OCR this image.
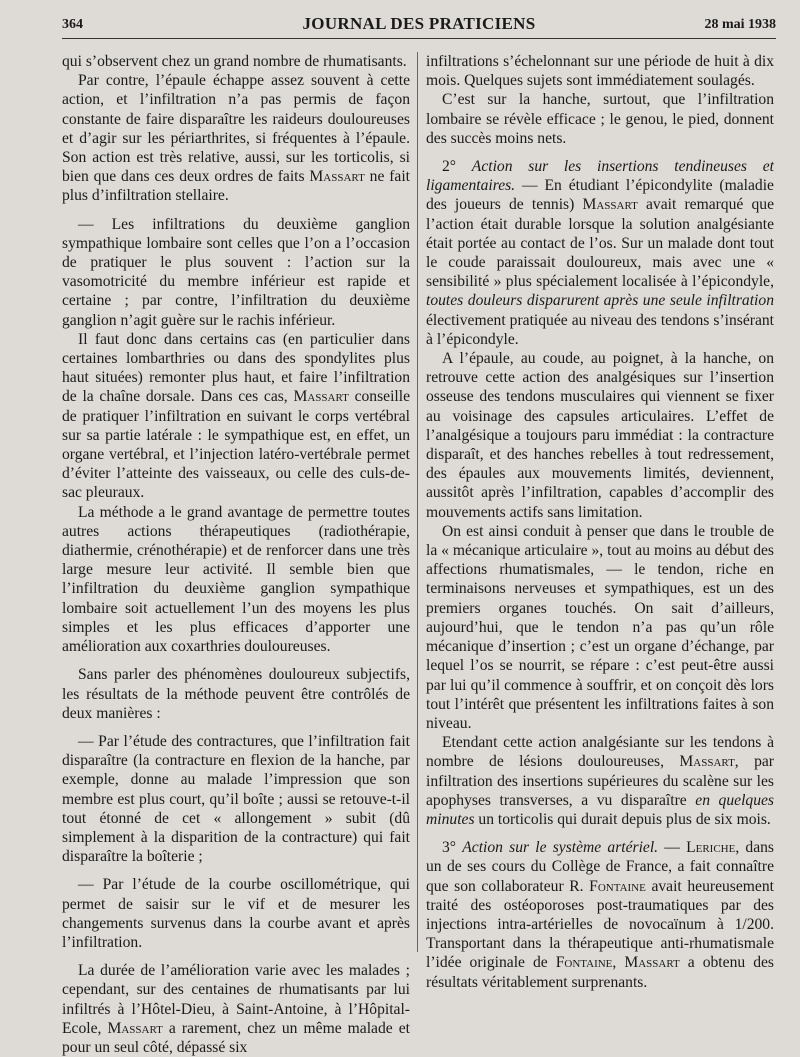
364	JOURNAL DES PRATICIENS	28 mai 1938

qui s’observent chez un grand nombre de rhumatisants.

Par contre, l’épaule échappe assez souvent à cette action, et l’infiltration n’a pas permis de façon constante de faire disparaître les raideurs douloureuses et d’agir sur les périarthrites, si fréquentes à l’épaule. Son action est très relative, aussi, sur les torticolis, si bien que dans ces deux ordres de faits Massart ne fait plus d’infiltration stellaire.

— Les infiltrations du deuxième ganglion sympathique lombaire sont celles que l’on a l’occasion de pratiquer le plus souvent : l’action sur la vasomotricité du membre inférieur est rapide et certaine ; par contre, l’infiltration du deuxième ganglion n’agit guère sur le rachis inférieur.

Il faut donc dans certains cas (en particulier dans certaines lombarthries ou dans des spondylites plus haut situées) remonter plus haut, et faire l’infiltration de la chaîne dorsale. Dans ces cas, Massart conseille de pratiquer l’infiltration en suivant le corps vertébral sur sa partie latérale : le sympathique est, en effet, un organe vertébral, et l’injection latéro-vertébrale permet d’éviter l’atteinte des vaisseaux, ou celle des culs-de-sac pleuraux.

La méthode a le grand avantage de permettre toutes autres actions thérapeutiques (radiothérapie, diathermie, crénothérapie) et de renforcer dans une très large mesure leur activité. Il semble bien que l’infiltration du deuxième ganglion sympathique lombaire soit actuellement l’un des moyens les plus simples et les plus efficaces d’apporter une amélioration aux coxarthries douloureuses.

Sans parler des phénomènes douloureux subjectifs, les résultats de la méthode peuvent être contrôlés de deux manières :

— Par l’étude des contractures, que l’infiltration fait disparaître (la contracture en flexion de la hanche, par exemple, donne au malade l’impression que son membre est plus court, qu’il boîte ; aussi se retouve-t-il tout étonné de cet « allongement » subit (dû simplement à la disparition de la contracture) qui fait disparaître la boîterie ;

— Par l’étude de la courbe oscillométrique, qui permet de saisir sur le vif et de mesurer les changements survenus dans la courbe avant et après l’infiltration.

La durée de l’amélioration varie avec les malades ; cependant, sur des centaines de rhumatisants par lui infiltrés à l’Hôtel-Dieu, à Saint-Antoine, à l’Hôpital-Ecole, Massart a rarement, chez un même malade et pour un seul côté, dépassé six

infiltrations s’échelonnant sur une période de huit à dix mois. Quelques sujets sont immédiatement soulagés.

C’est sur la hanche, surtout, que l’infiltration lombaire se révèle efficace ; le genou, le pied, donnent des succès moins nets.

2° Action sur les insertions tendineuses et ligamentaires. — En étudiant l’épicondylite (maladie des joueurs de tennis) Massart avait remarqué que l’action était durable lorsque la solution analgésiante était portée au contact de l’os. Sur un malade dont tout le coude paraissait douloureux, mais avec une « sensibilité » plus spécialement localisée à l’épicondyle, toutes douleurs disparurent après une seule infiltration électivement pratiquée au niveau des tendons s’insérant à l’épicondyle.

A l’épaule, au coude, au poignet, à la hanche, on retrouve cette action des analgésiques sur l’insertion osseuse des tendons musculaires qui viennent se fixer au voisinage des capsules articulaires. L’effet de l’analgésique a toujours paru immédiat : la contracture disparaît, et des hanches rebelles à tout redressement, des épaules aux mouvements limités, deviennent, aussitôt après l’infiltration, capables d’accomplir des mouvements actifs sans limitation.

On est ainsi conduit à penser que dans le trouble de la « mécanique articulaire », tout au moins au début des affections rhumatismales, — le tendon, riche en terminaisons nerveuses et sympathiques, est un des premiers organes touchés. On sait d’ailleurs, aujourd’hui, que le tendon n’a pas qu’un rôle mécanique d’insertion ; c’est un organe d’échange, par lequel l’os se nourrit, se répare : c’est peut-être aussi par lui qu’il commence à souffrir, et on conçoit dès lors tout l’intérêt que présentent les infiltrations faites à son niveau.

Etendant cette action analgésiante sur les tendons à nombre de lésions douloureuses, Massart, par infiltration des insertions supérieures du scalène sur les apophyses transverses, a vu disparaître en quelques minutes un torticolis qui durait depuis plus de six mois.

3° Action sur le système artériel. — Leriche, dans un de ses cours du Collège de France, a fait connaître que son collaborateur R. Fontaine avait heureusement traité des ostéoporoses post-traumatiques par des injections intra-artérielles de novocaïnum à 1/200. Transportant dans la thérapeutique anti-rhumatismale l’idée originale de Fontaine, Massart a obtenu des résultats véritablement surprenants.
